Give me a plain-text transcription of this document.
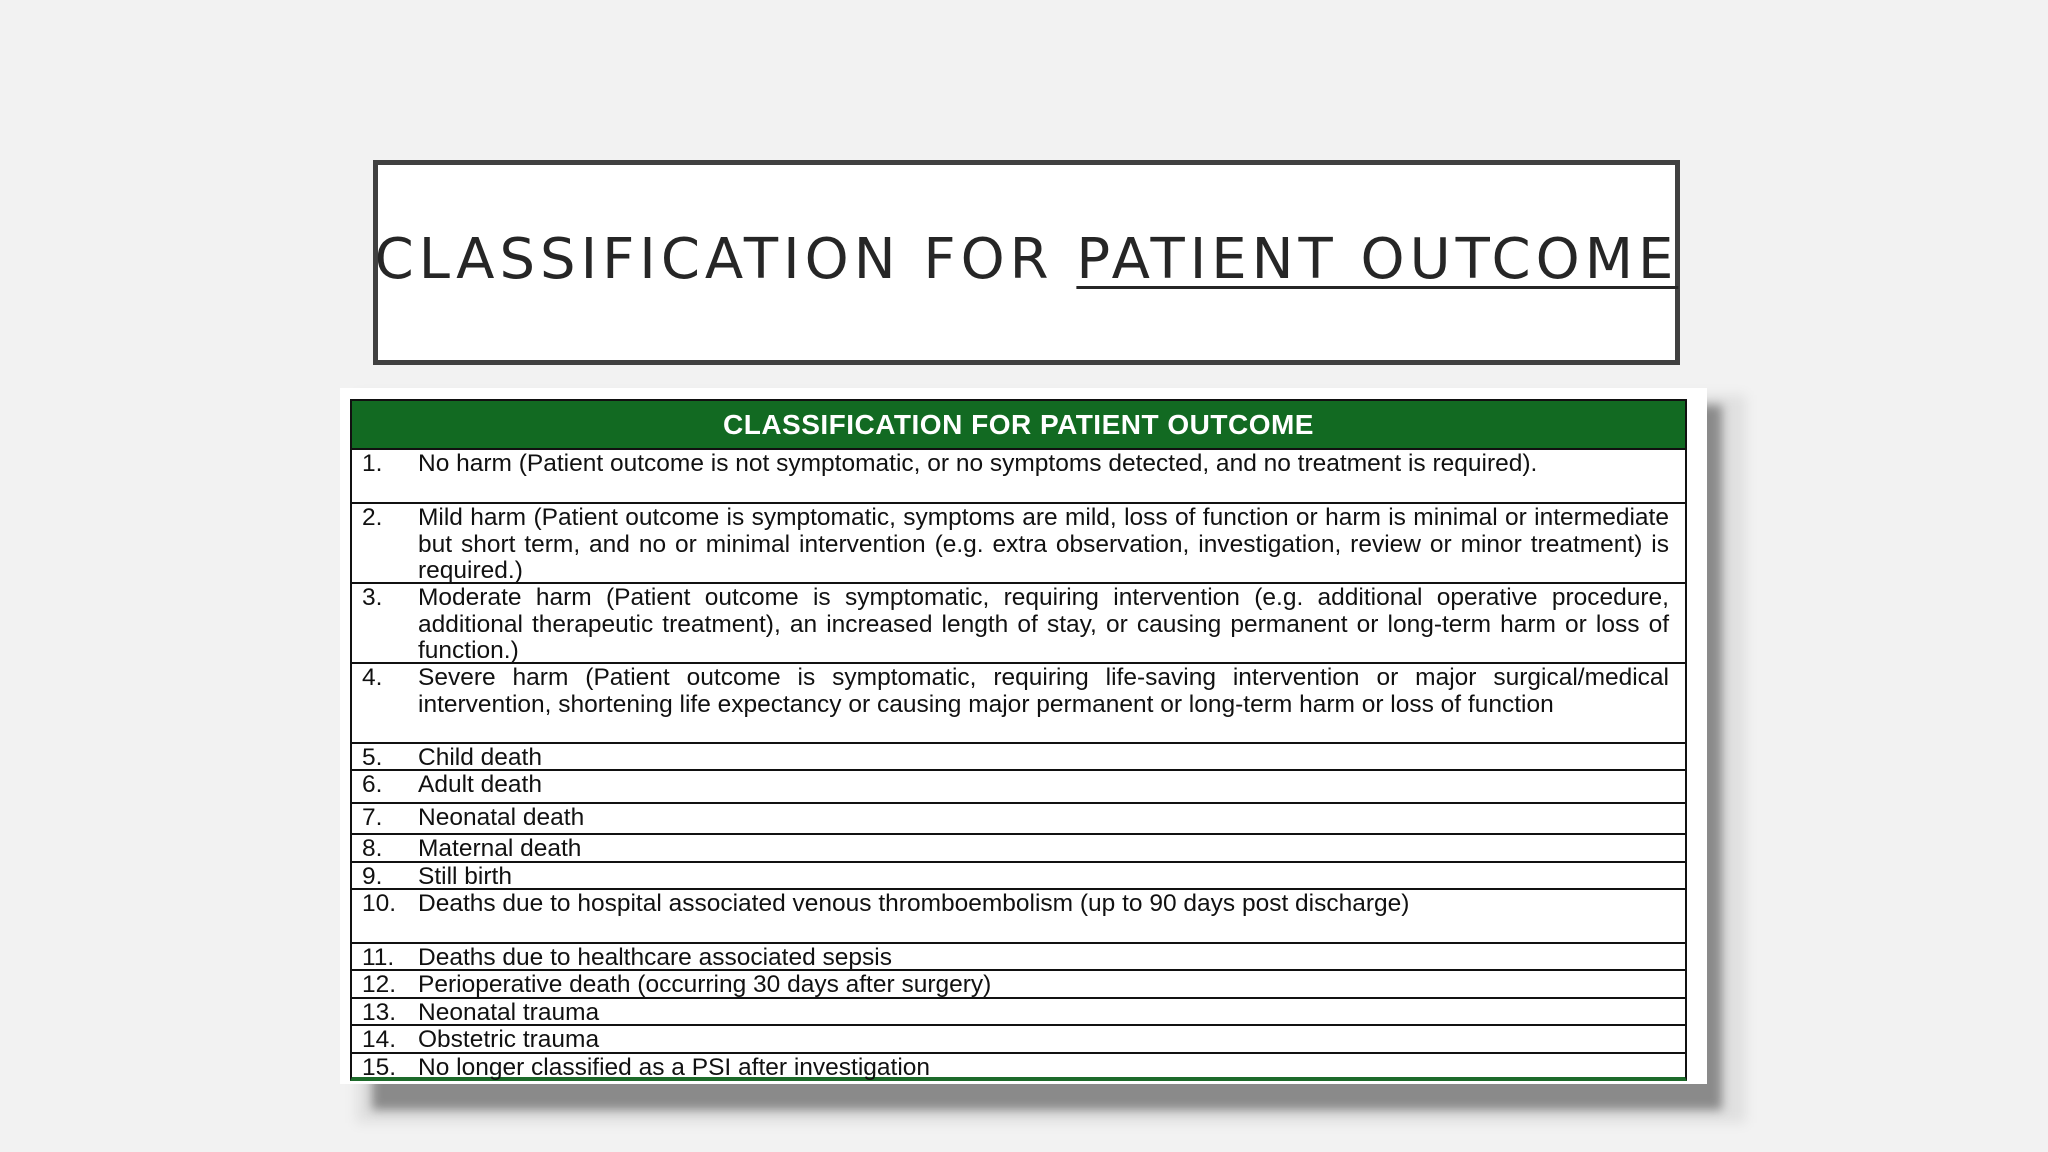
CLASSIFICATION FOR PATIENT OUTCOME
CLASSIFICATION FOR PATIENT OUTCOME
1.	No harm (Patient outcome is not symptomatic, or no symptoms detected, and no treatment is required).
2.	Mild harm (Patient outcome is symptomatic, symptoms are mild, loss of function or harm is minimal or intermediate but short term, and no or minimal intervention (e.g. extra observation, investigation, review or minor treatment) is required.)
3.	Moderate harm (Patient outcome is symptomatic, requiring intervention (e.g. additional operative procedure, additional therapeutic treatment), an increased length of stay, or causing permanent or long-term harm or loss of function.)
4.	Severe harm (Patient outcome is symptomatic, requiring life-saving intervention or major surgical/medical intervention, shortening life expectancy or causing major permanent or long-term harm or loss of function
5.	Child death
6.	Adult death
7.	Neonatal death
8.	Maternal death
9.	Still birth
10. Deaths due to hospital associated venous thromboembolism (up to 90 days post discharge)
11. Deaths due to healthcare associated sepsis
12. Perioperative death (occurring 30 days after surgery)
13. Neonatal trauma
14. Obstetric trauma
15. No longer classified as a PSI after investigation
